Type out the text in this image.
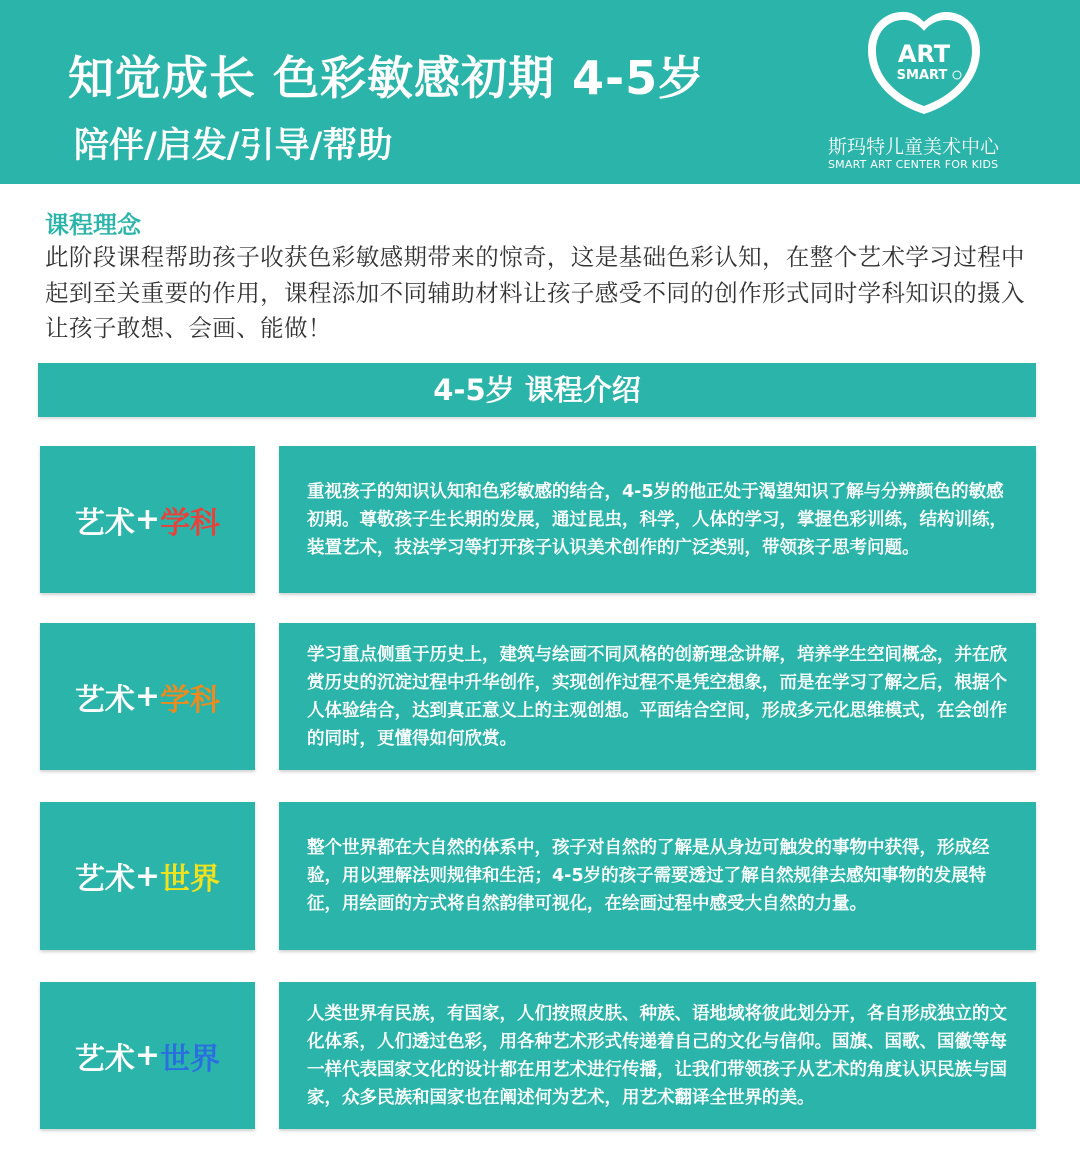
知觉成长 色彩敏感初期 4-5岁
陪伴/启发/引导/帮助
ART
SMART
斯玛特儿童美术中心
SMART ART CENTER FOR KIDS
课程理念
此阶段课程帮助孩子收获色彩敏感期带来的惊奇，这是基础色彩认知，在整个艺术学习过程中起到至关重要的作用，课程添加不同辅助材料让孩子感受不同的创作形式同时学科知识的摄入让孩子敢想、会画、能做！
4-5岁 课程介绍
艺术 + 学科
重视孩子的知识认知和色彩敏感的结合，4-5岁的他正处于渴望知识了解与分辨颜色的敏感初期。尊敬孩子生长期的发展，通过昆虫，科学，人体的学习，掌握色彩训练，结构训练，装置艺术，技法学习等打开孩子认识美术创作的广泛类别，带领孩子思考问题。
艺术 + 学科
学习重点侧重于历史上，建筑与绘画不同风格的创新理念讲解，培养学生空间概念，并在欣赏历史的沉淀过程中升华创作，实现创作过程不是凭空想象，而是在学习了解之后，根据个人体验结合，达到真正意义上的主观创想。平面结合空间，形成多元化思维模式，在会创作的同时，更懂得如何欣赏。
艺术 + 世界
整个世界都在大自然的体系中，孩子对自然的了解是从身边可触发的事物中获得，形成经验，用以理解法则规律和生活；4-5岁的孩子需要透过了解自然规律去感知事物的发展特征，用绘画的方式将自然韵律可视化，在绘画过程中感受大自然的力量。
艺术 + 世界
人类世界有民族，有国家，人们按照皮肤、种族、语地域将彼此划分开，各自形成独立的文化体系，人们透过色彩，用各种艺术形式传递着自己的文化与信仰。国旗、国歌、国徽等每一样代表国家文化的设计都在用艺术进行传播，让我们带领孩子从艺术的角度认识民族与国家，众多民族和国家也在阐述何为艺术，用艺术翻译全世界的美。
